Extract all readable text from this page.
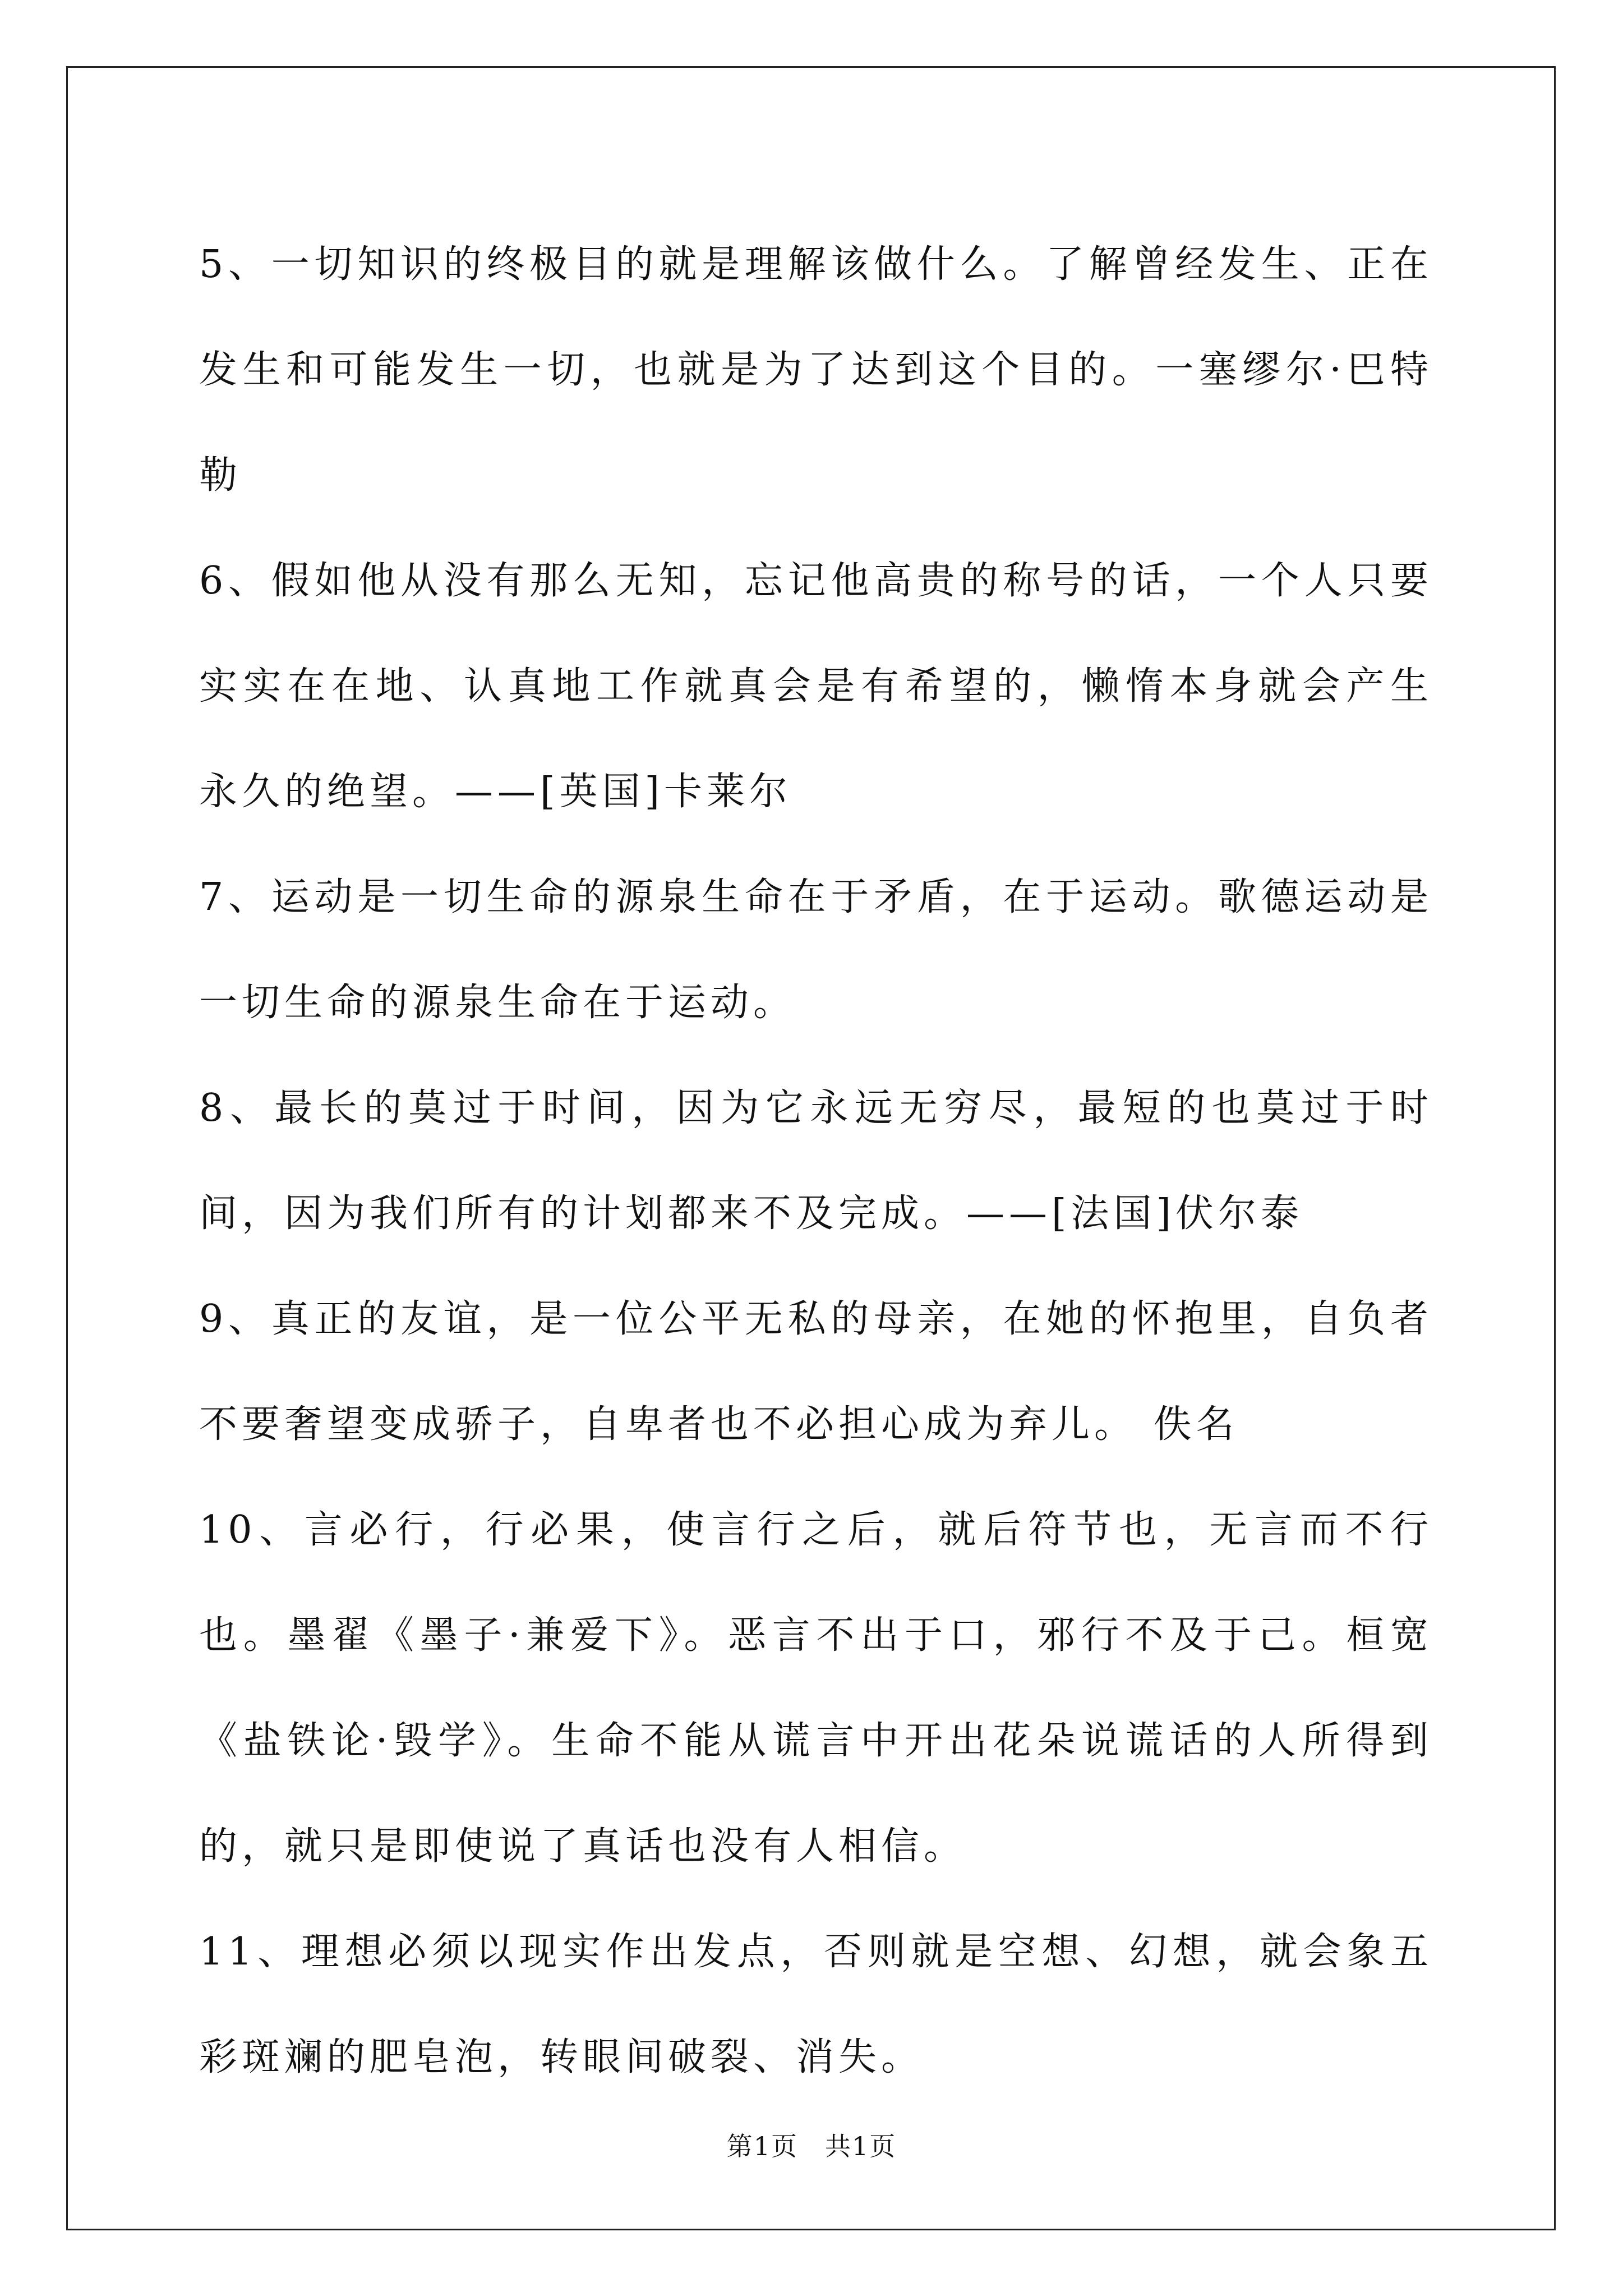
5、一切知识的终极目的就是理解该做什么。了解曾经发生、正在发生和可能发生一切，也就是为了达到这个目的。一塞缪尔·巴特勒

6、假如他从没有那么无知，忘记他高贵的称号的话，一个人只要实实在在地、认真地工作就真会是有希望的，懒惰本身就会产生永久的绝望。——[英国]卡莱尔

7、运动是一切生命的源泉生命在于矛盾，在于运动。歌德运动是一切生命的源泉生命在于运动。

8、最长的莫过于时间，因为它永远无穷尽，最短的也莫过于时间，因为我们所有的计划都来不及完成。——[法国]伏尔泰

9、真正的友谊，是一位公平无私的母亲，在她的怀抱里，自负者不要奢望变成骄子，自卑者也不必担心成为弃儿。 佚名

10、言必行，行必果，使言行之后，就后符节也，无言而不行也。墨翟《墨子·兼爱下》。恶言不出于口，邪行不及于己。桓宽《盐铁论·毁学》。生命不能从谎言中开出花朵说谎话的人所得到的，就只是即使说了真话也没有人相信。

11、理想必须以现实作出发点，否则就是空想、幻想，就会象五彩斑斓的肥皂泡，转眼间破裂、消失。

第1页　共1页
